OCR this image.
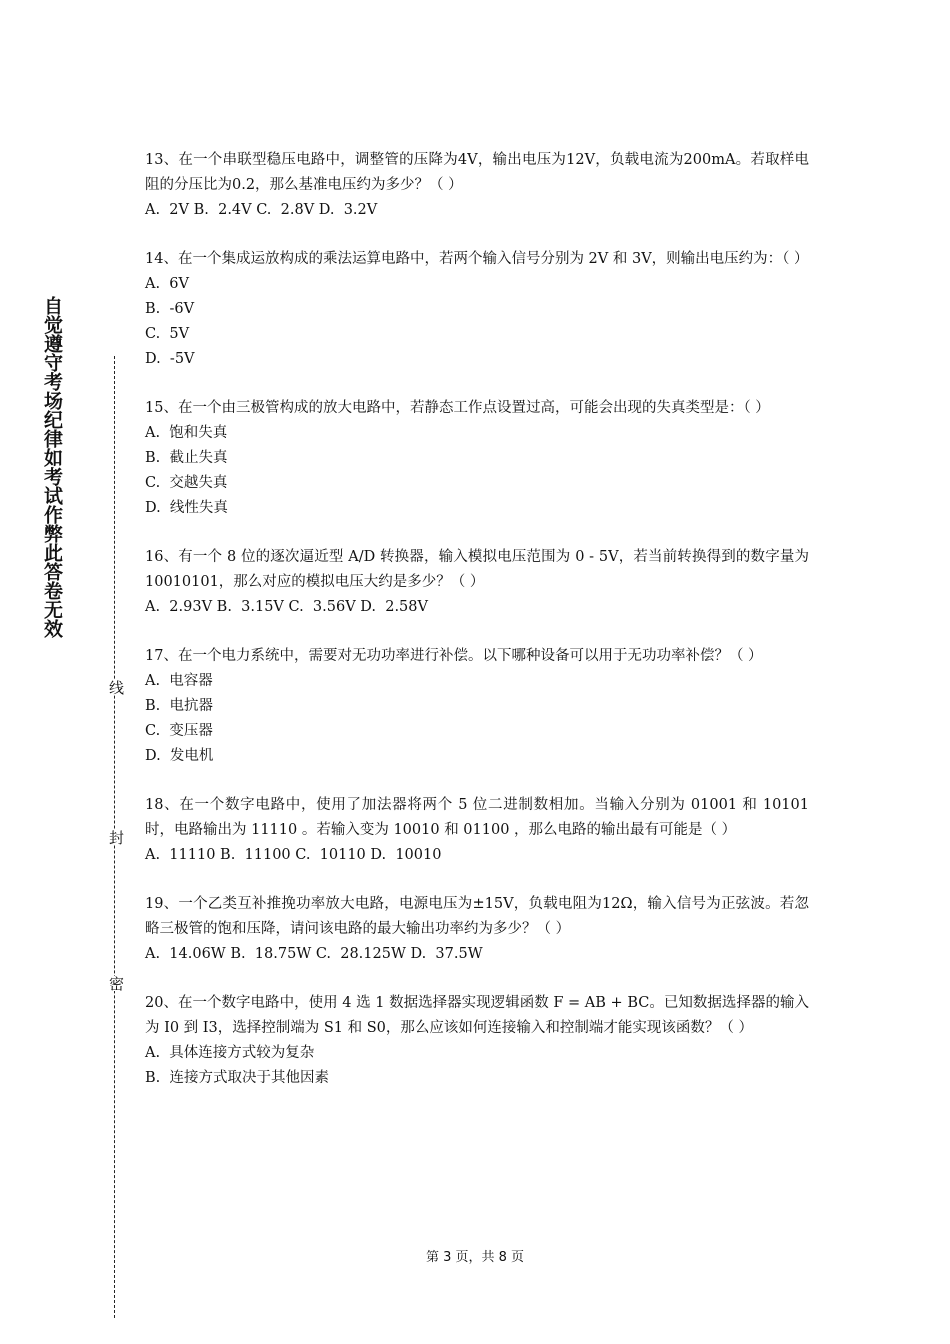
自觉遵守考场纪律如考试作弊此答卷无效
线
封
密
13、在一个串联型稳压电路中，调整管的压降为4V，输出电压为12V，负载电流为200mA。若取样电阻的分压比为0.2，那么基准电压约为多少？（ ）
A.  2V B.  2.4V C.  2.8V D.  3.2V
14、在一个集成运放构成的乘法运算电路中，若两个输入信号分别为 2V 和 3V，则输出电压约为：（ ）
A.  6V
B.  -6V
C.  5V
D.  -5V
15、在一个由三极管构成的放大电路中，若静态工作点设置过高，可能会出现的失真类型是：（ ）
A.  饱和失真
B.  截止失真
C.  交越失真
D.  线性失真
16、有一个 8 位的逐次逼近型 A/D 转换器，输入模拟电压范围为 0 - 5V，若当前转换得到的数字量为 10010101，那么对应的模拟电压大约是多少？（ ）
A.  2.93V B.  3.15V C.  3.56V D.  2.58V
17、在一个电力系统中，需要对无功功率进行补偿。以下哪种设备可以用于无功功率补偿？（ ）
A.  电容器
B.  电抗器
C.  变压器
D.  发电机
18、在一个数字电路中，使用了加法器将两个 5 位二进制数相加。当输入分别为 01001 和 10101 时，电路输出为 11110 。若输入变为 10010 和 01100 ，那么电路的输出最有可能是（ ）
A.  11110 B.  11100 C.  10110 D.  10010
19、一个乙类互补推挽功率放大电路，电源电压为±15V，负载电阻为12Ω，输入信号为正弦波。若忽略三极管的饱和压降，请问该电路的最大输出功率约为多少？（ ）
A.  14.06W B.  18.75W C.  28.125W D.  37.5W
20、在一个数字电路中，使用 4 选 1 数据选择器实现逻辑函数 F = AB + BC。已知数据选择器的输入为 I0 到 I3，选择控制端为 S1 和 S0，那么应该如何连接输入和控制端才能实现该函数？（ ）
A.  具体连接方式较为复杂
B.  连接方式取决于其他因素
第 3 页，共 8 页
